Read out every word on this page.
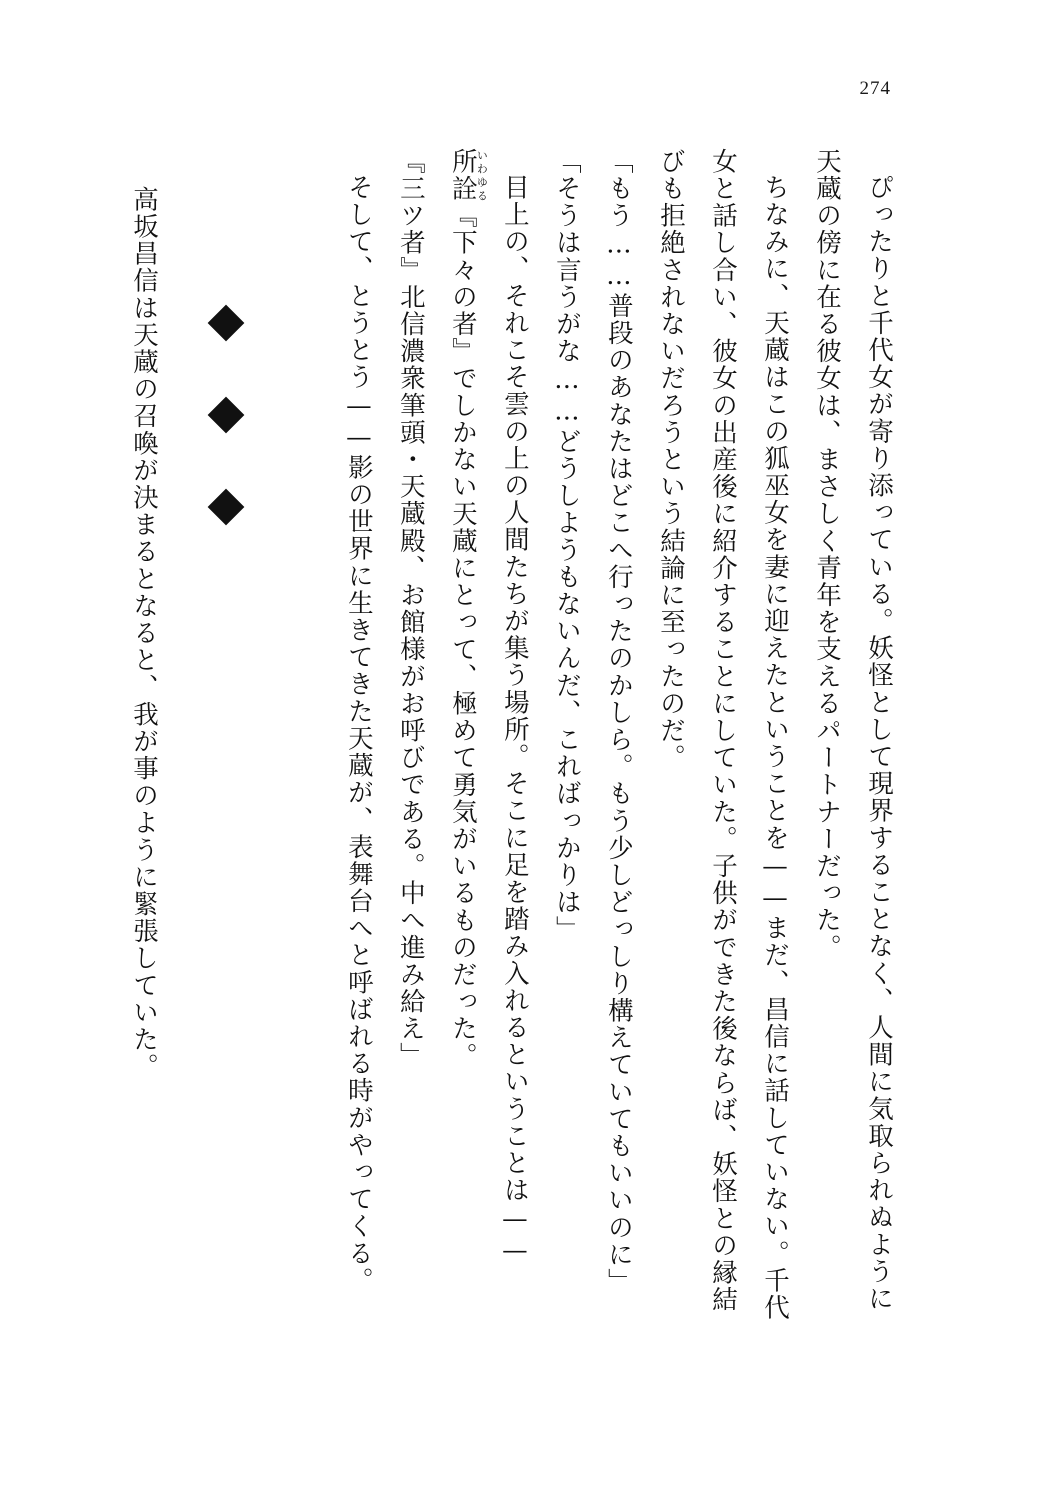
274

ぴったりと千代女が寄り添っている。妖怪として現界することなく、人間に気取られぬように天蔵の傍に在る彼女は、まさしく青年を支えるパートナーだった。

ちなみに、天蔵はこの狐巫女を妻に迎えたということを——まだ、昌信に話していない。千代女と話し合い、彼女の出産後に紹介することにしていた。子供ができた後ならば、妖怪との縁結びも拒絶されないだろうという結論に至ったのだ。

「もう……普段のあなたはどこへ行ったのかしら。もう少しどっしり構えていてもいいのに」

「そうは言うがな……どうしようもないんだ、こればっかりは」

目上の、それこそ雲の上の人間たちが集う場所。そこに足を踏み入れるということは——

所詮いわゆる『下々の者』でしかない天蔵にとって、極めて勇気がいるものだった。

『三ツ者』北信濃衆筆頭・天蔵殿、お館様がお呼びである。中へ進み給え」

そして、とうとう——影の世界に生きてきた天蔵が、表舞台へと呼ばれる時がやってくる。

高坂昌信は天蔵の召喚が決まるとなると、我が事のように緊張していた。
